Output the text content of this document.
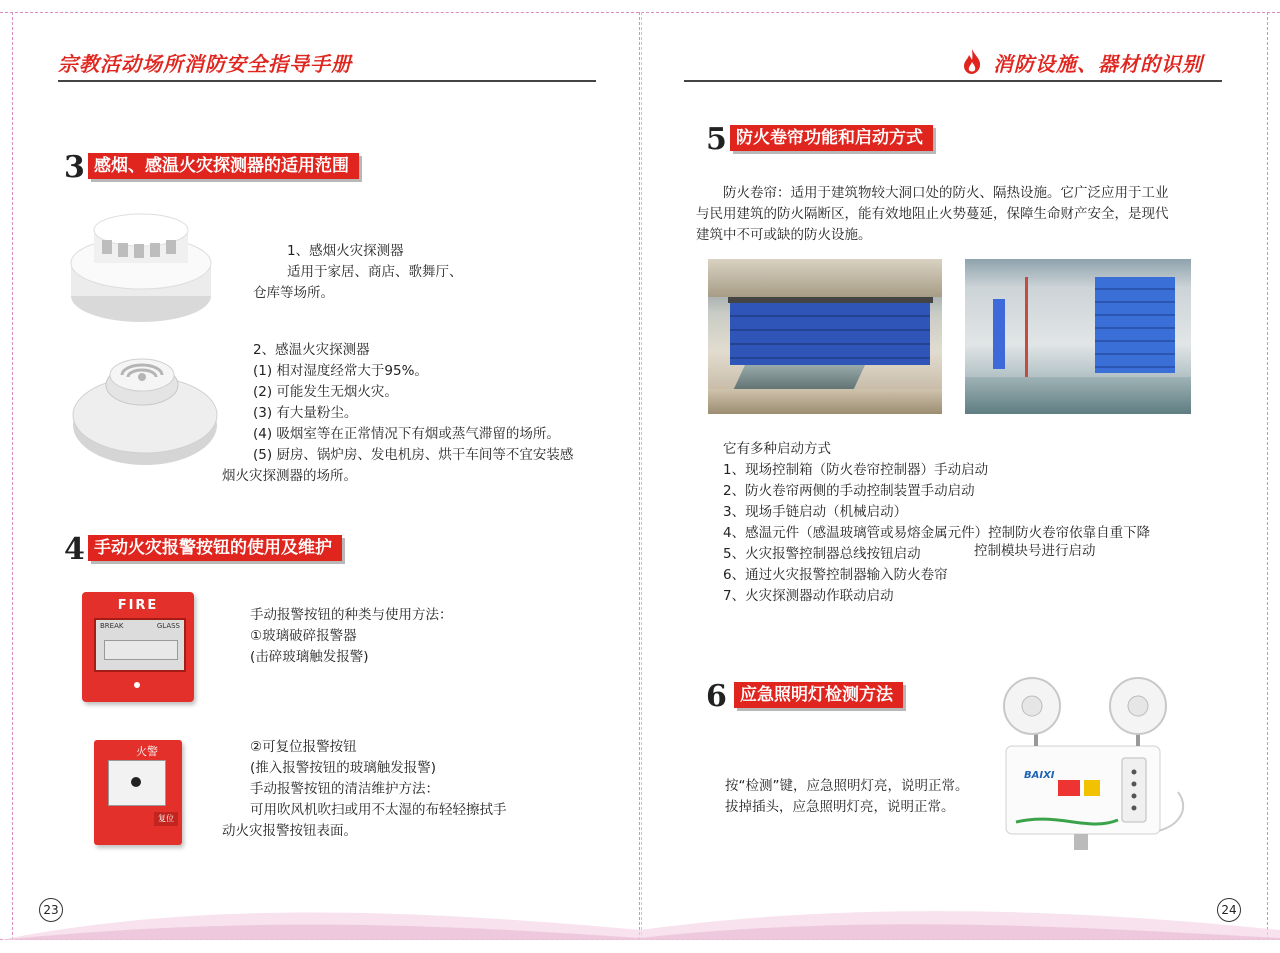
宗教活动场所消防安全指导手册
3 感烟、感温火灾探测器的适用范围
1、感烟火灾探测器
适用于家居、商店、歌舞厅、
仓库等场所。
2、感温火灾探测器
(1) 相对湿度经常大于95%。
(2) 可能发生无烟火灾。
(3) 有大量粉尘。
(4) 吸烟室等在正常情况下有烟或蒸气滞留的场所。
(5) 厨房、锅炉房、发电机房、烘干车间等不宜安装感
烟火灾探测器的场所。
4 手动火灾报警按钮的使用及维护
FIRE
BREAK	GLASS
手动报警按钮的种类与使用方法：
①玻璃破碎报警器
(击碎玻璃触发报警)
火警
复位
②可复位报警按钮
(推入报警按钮的玻璃触发报警)
手动报警按钮的清洁维护方法：
可用吹风机吹扫或用不太湿的布轻轻擦拭手
动火灾报警按钮表面。
23
消防设施、器材的识别
5 防火卷帘功能和启动方式
防火卷帘：适用于建筑物较大洞口处的防火、隔热设施。它广泛应用于工业
与民用建筑的防火隔断区，能有效地阻止火势蔓延，保障生命财产安全，是现代
建筑中不可或缺的防火设施。
它有多种启动方式
1、现场控制箱（防火卷帘控制器）手动启动
2、防火卷帘两侧的手动控制装置手动启动
3、现场手链启动（机械启动）
4、感温元件（感温玻璃管或易熔金属元件）控制防火卷帘依靠自重下降
5、火灾报警控制器总线按钮启动	控制模块号进行启动
6、通过火灾报警控制器输入防火卷帘
7、火灾探测器动作联动启动
6 应急照明灯检测方法
按“检测”键，应急照明灯亮，说明正常。
拔掉插头，应急照明灯亮，说明正常。
BAIXI
24
